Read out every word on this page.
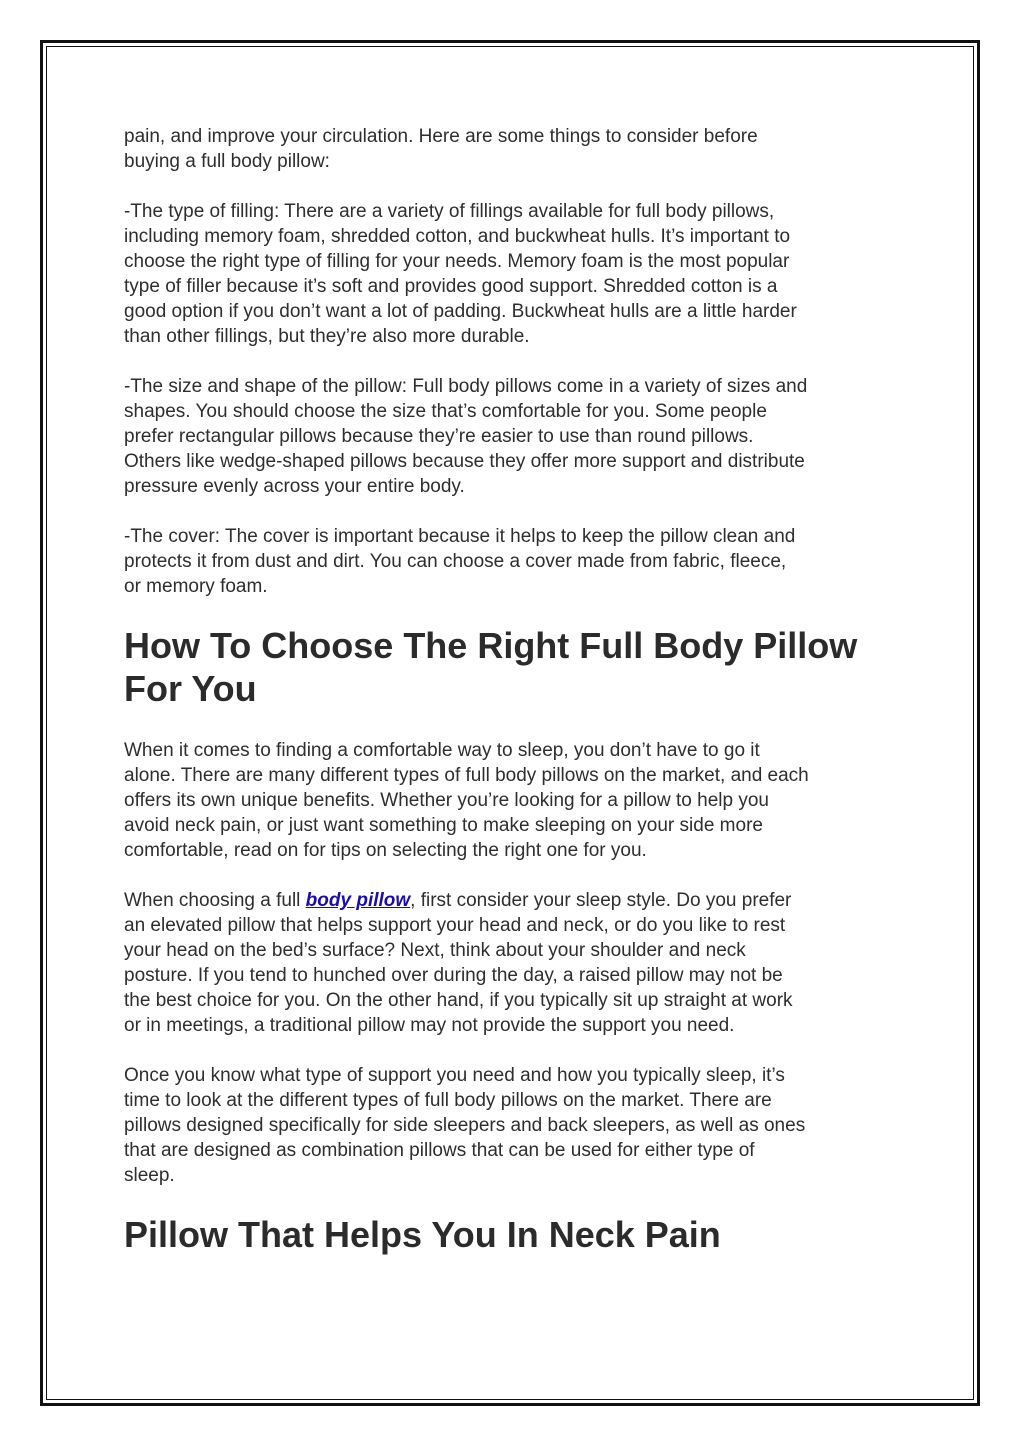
pain, and improve your circulation. Here are some things to consider before
buying a full body pillow:

-The type of filling: There are a variety of fillings available for full body pillows,
including memory foam, shredded cotton, and buckwheat hulls. It’s important to
choose the right type of filling for your needs. Memory foam is the most popular
type of filler because it’s soft and provides good support. Shredded cotton is a
good option if you don’t want a lot of padding. Buckwheat hulls are a little harder
than other fillings, but they’re also more durable.

-The size and shape of the pillow: Full body pillows come in a variety of sizes and
shapes. You should choose the size that’s comfortable for you. Some people
prefer rectangular pillows because they’re easier to use than round pillows.
Others like wedge-shaped pillows because they offer more support and distribute
pressure evenly across your entire body.

-The cover: The cover is important because it helps to keep the pillow clean and
protects it from dust and dirt. You can choose a cover made from fabric, fleece,
or memory foam.

How To Choose The Right Full Body Pillow
For You

When it comes to finding a comfortable way to sleep, you don’t have to go it
alone. There are many different types of full body pillows on the market, and each
offers its own unique benefits. Whether you’re looking for a pillow to help you
avoid neck pain, or just want something to make sleeping on your side more
comfortable, read on for tips on selecting the right one for you.

When choosing a full body pillow, first consider your sleep style. Do you prefer
an elevated pillow that helps support your head and neck, or do you like to rest
your head on the bed’s surface? Next, think about your shoulder and neck
posture. If you tend to hunched over during the day, a raised pillow may not be
the best choice for you. On the other hand, if you typically sit up straight at work
or in meetings, a traditional pillow may not provide the support you need.

Once you know what type of support you need and how you typically sleep, it’s
time to look at the different types of full body pillows on the market. There are
pillows designed specifically for side sleepers and back sleepers, as well as ones
that are designed as combination pillows that can be used for either type of
sleep.

Pillow That Helps You In Neck Pain
